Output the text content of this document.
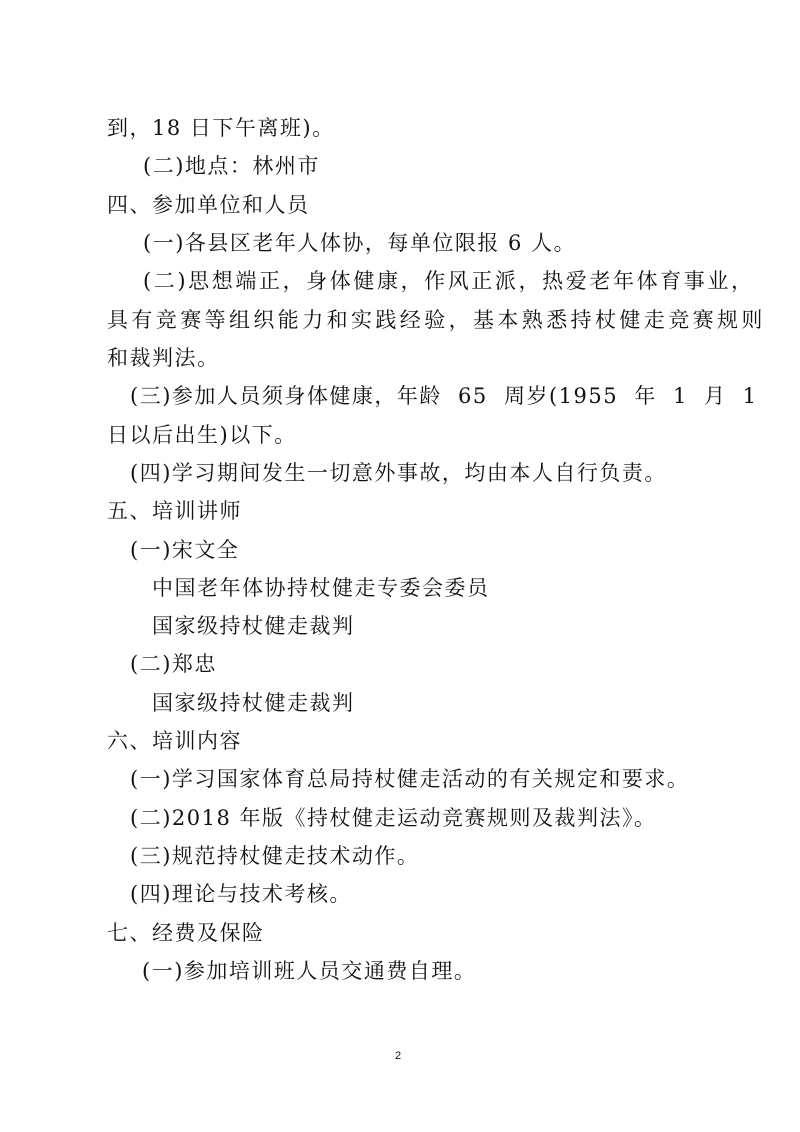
到，18 日下午离班)。
(二)地点：林州市
四、参加单位和人员
(一)各县区老年人体协，每单位限报 6 人。
(二)思想端正，身体健康，作风正派，热爱老年体育事业，
具有竞赛等组织能力和实践经验，基本熟悉持杖健走竞赛规则
和裁判法。
(三)参加人员须身体健康，年龄 65 周岁(1955 年 1 月 1
日以后出生)以下。
(四)学习期间发生一切意外事故，均由本人自行负责。
五、培训讲师
(一)宋文全
中国老年体协持杖健走专委会委员
国家级持杖健走裁判
(二)郑忠
国家级持杖健走裁判
六、培训内容
(一)学习国家体育总局持杖健走活动的有关规定和要求。
(二)2018 年版《持杖健走运动竞赛规则及裁判法》。
(三)规范持杖健走技术动作。
(四)理论与技术考核。
七、经费及保险
(一)参加培训班人员交通费自理。
2
